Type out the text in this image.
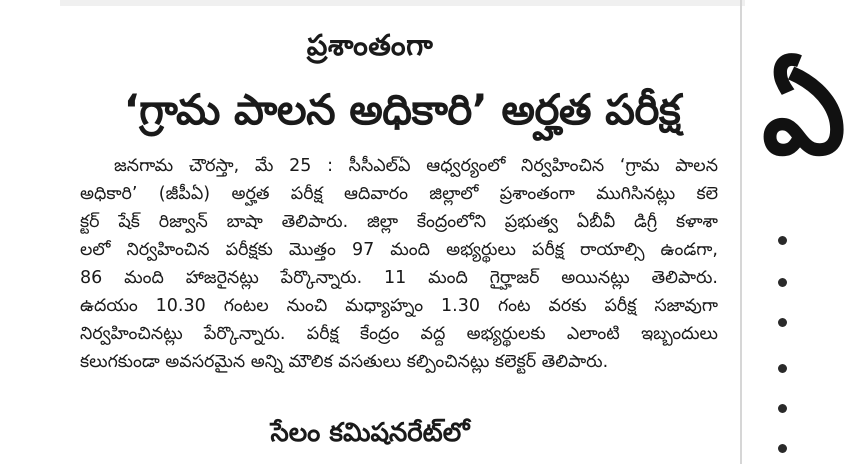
ప్రశాంతంగా
‘గ్రామ పాలన అధికారి’ అర్హత పరీక్ష
జనగామ చౌరస్తా, మే 25 : సీసీఎల్‌ఏ ఆధ్వర్యంలో నిర్వహించిన ‘గ్రామ పాలన
అధికారి’ (జీపీఏ) అర్హత పరీక్ష ఆదివారం జిల్లాలో ప్రశాంతంగా ముగిసినట్లు కలె
క్టర్ షేక్ రిజ్వాన్ బాషా తెలిపారు. జిల్లా కేంద్రంలోని ప్రభుత్వ ఏబీవీ డిగ్రీ కళాశా
లలో నిర్వహించిన పరీక్షకు మొత్తం 97 మంది అభ్యర్థులు పరీక్ష రాయాల్సి ఉండగా,
86 మంది హాజరైనట్లు పేర్కొన్నారు. 11 మంది గైర్హాజర్ అయినట్లు తెలిపారు.
ఉదయం 10.30 గంటల నుంచి మధ్యాహ్నం 1.30 గంట వరకు పరీక్ష సజావుగా
నిర్వహించినట్లు పేర్కొన్నారు. పరీక్ష కేంద్రం వద్ద అభ్యర్థులకు ఎలాంటి ఇబ్బందులు
కలుగకుండా అవసరమైన అన్ని మౌలిక వసతులు కల్పించినట్లు కలెక్టర్ తెలిపారు.
సేలం కమిషనరేట్‌లో
ఏ
